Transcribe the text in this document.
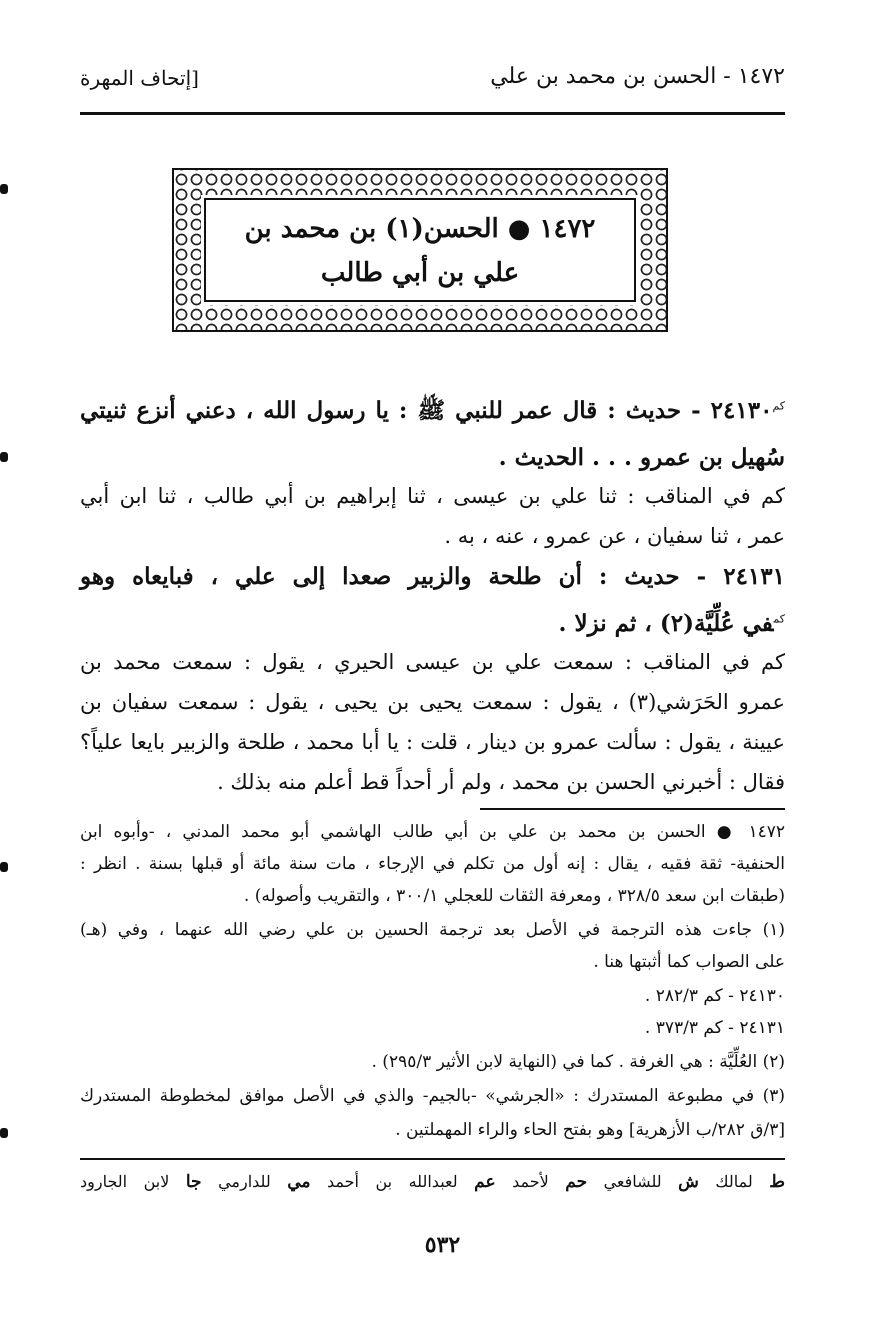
١٤٧٢ - الحسن بن محمد بن علي
[إتحاف المهرة
١٤٧٢ ● الحسن(١) بن محمد بن
علي بن أبي طالب
$^{كم}$٢٤١٣٠ - حديث : قال عمر للنبي ﷺ : يا رسول الله ، دعني أنزع ثنيتي
سُهيل بن عمرو . . . الحديث .
كم في المناقب : ثنا علي بن عيسى ، ثنا إبراهيم بن أبي طالب ، ثنا ابن أبي
عمر ، ثنا سفيان ، عن عمرو ، عنه ، به .
٢٤١٣١ - حديث : أن طلحة والزبير صعدا إلى علي ، فبايعاه وهو
$^{كم}$في عُلِّيَّة(٢) ، ثم نزلا .
كم في المناقب : سمعت علي بن عيسى الحيري ، يقول : سمعت محمد بن
عمرو الحَرَشي(٣) ، يقول : سمعت يحيى بن يحيى ، يقول : سمعت سفيان بن
عيينة ، يقول : سألت عمرو بن دينار ، قلت : يا أبا محمد ، طلحة والزبير بايعا علياً؟
فقال : أخبرني الحسن بن محمد ، ولم أر أحداً قط أعلم منه بذلك .
١٤٧٢ ● الحسن بن محمد بن علي بن أبي طالب الهاشمي أبو محمد المدني ، -وأبوه ابن
الحنفية- ثقة فقيه ، يقال : إنه أول من تكلم في الإرجاء ، مات سنة مائة أو قبلها بسنة . انظر :
(طبقات ابن سعد ٣٢٨/٥ ، ومعرفة الثقات للعجلي ٣٠٠/١ ، والتقريب وأصوله) .
(١) جاءت هذه الترجمة في الأصل بعد ترجمة الحسين بن علي رضي الله عنهما ، وفي (هـ)
على الصواب كما أثبتها هنا .
٢٤١٣٠ - كم ٢٨٢/٣ .
٢٤١٣١ - كم ٣٧٣/٣ .
(٢) العُلِّيَّة : هي الغرفة . كما في (النهاية لابن الأثير ٢٩٥/٣) .
(٣) في مطبوعة المستدرك : «الجرشي» -بالجيم- والذي في الأصل موافق لمخطوطة المستدرك
[٣/ق ٢٨٢/ب الأزهرية] وهو بفتح الحاء والراء المهملتين .
ط لمالك ش للشافعي حم لأحمد عم لعبدالله بن أحمد مي للدارمي جا لابن الجارود
٥٣٢
